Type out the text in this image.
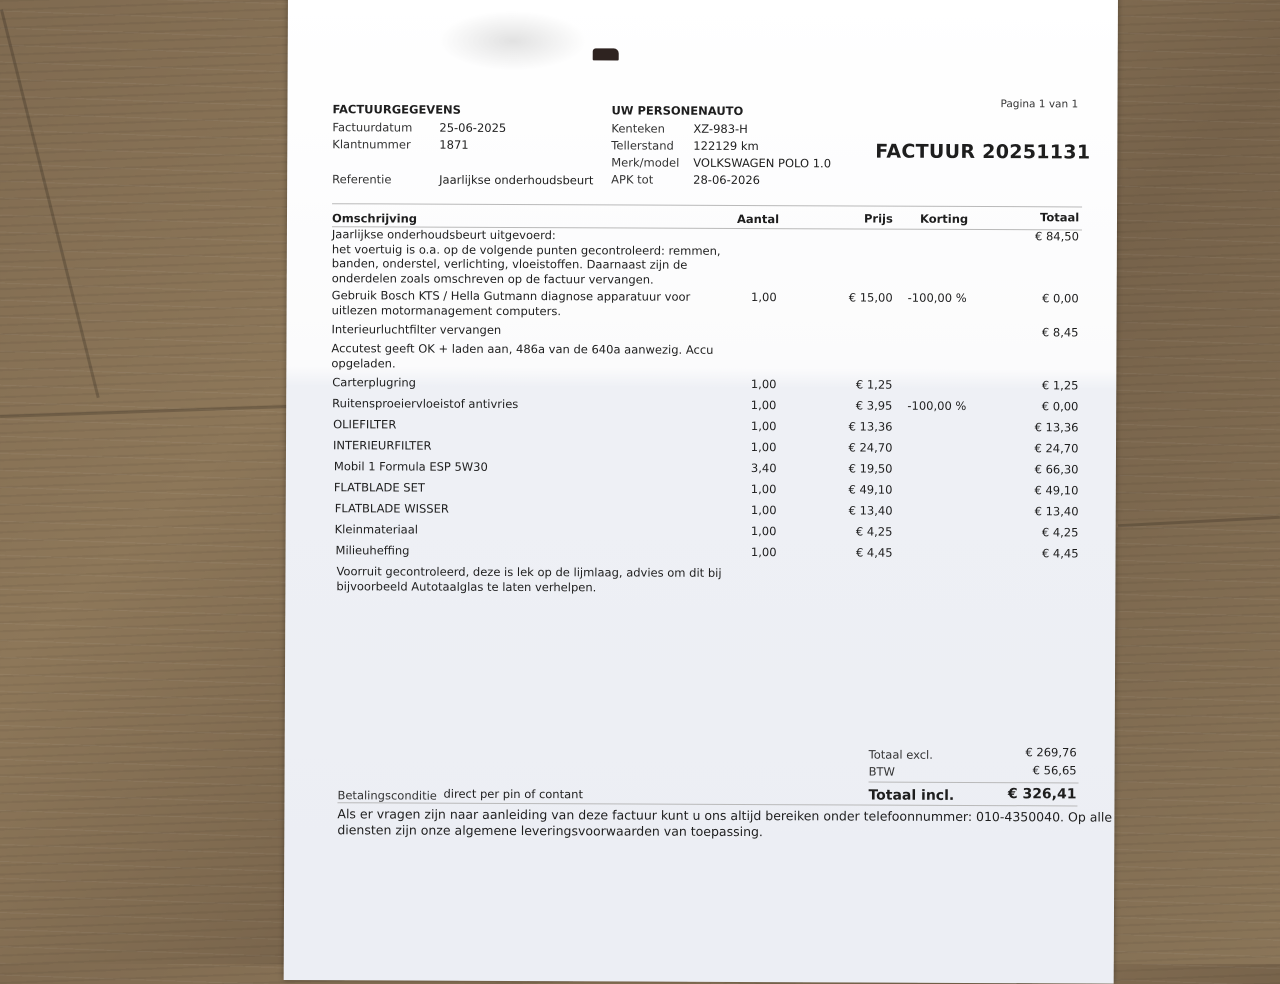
Pagina 1 van 1
FACTUURGEGEVENS
Factuurdatum 25-06-2025
Klantnummer 1871
Referentie	Jaarlijkse onderhoudsbeurt
UW PERSONENAUTO
Kenteken XZ-983-H
Tellerstand 122129 km
Merk/model VOLKSWAGEN POLO 1.0
APK tot	28-06-2026
FACTUUR 20251131
Omschrijving	Aantal	Prijs Korting	Totaal
Jaarlijkse onderhoudsbeurt uitgevoerd:
het voertuig is o.a. op de volgende punten gecontroleerd: remmen,
banden, onderstel, verlichting, vloeistoffen. Daarnaast zijn de
onderdelen zoals omschreven op de factuur vervangen.
€ 84,50
Gebruik Bosch KTS / Hella Gutmann diagnose apparatuur voor
uitlezen motormanagement computers.
1,00	€ 15,00 -100,00 %	€ 0,00
Interieurluchtfilter vervangen	€ 8,45
Accutest geeft OK + laden aan, 486a van de 640a aanwezig. Accu
opgeladen.
Carterplugring	1,00	€ 1,25	€ 1,25
Ruitensproeiervloeistof antivries	1,00	€ 3,95 -100,00 %	€ 0,00
OLIEFILTER	1,00	€ 13,36	€ 13,36
INTERIEURFILTER	1,00	€ 24,70	€ 24,70
Mobil 1 Formula ESP 5W30	3,40	€ 19,50	€ 66,30
FLATBLADE SET	1,00	€ 49,10	€ 49,10
FLATBLADE WISSER	1,00	€ 13,40	€ 13,40
Kleinmateriaal	1,00	€ 4,25	€ 4,25
Milieuheffing	1,00	€ 4,45	€ 4,45
Voorruit gecontroleerd, deze is lek op de lijmlaag, advies om dit bij
bijvoorbeeld Autotaalglas te laten verhelpen.
Totaal excl.	€ 269,76
BTW	€ 56,65
Totaal incl.	€ 326,41
Betalingsconditie direct per pin of contant
Als er vragen zijn naar aanleiding van deze factuur kunt u ons altijd bereiken onder telefoonnummer: 010-4350040. Op alle
diensten zijn onze algemene leveringsvoorwaarden van toepassing.
